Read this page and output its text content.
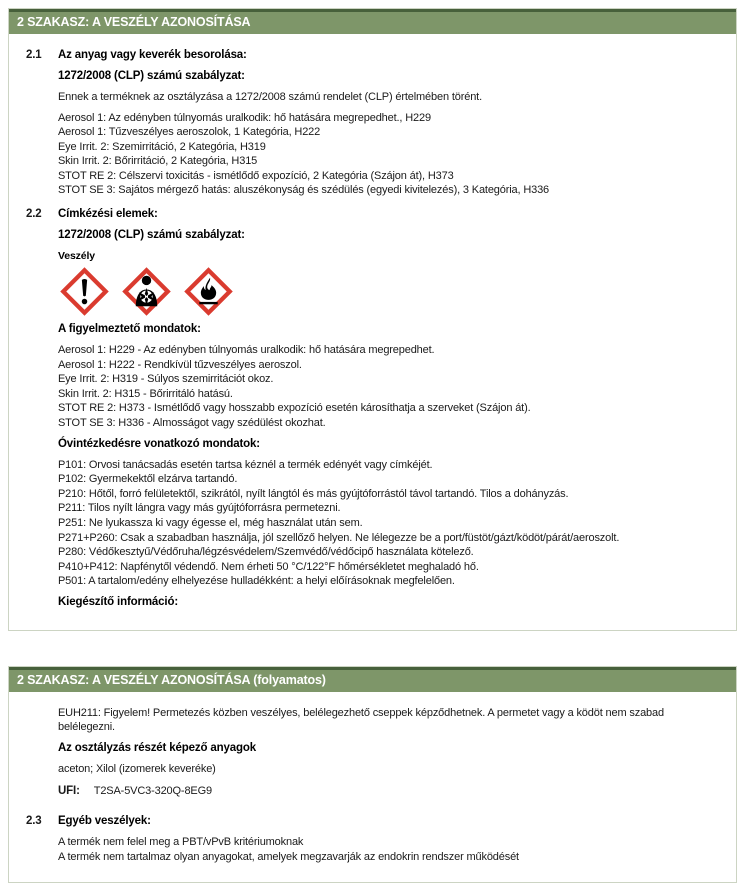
2 SZAKASZ: A VESZÉLY AZONOSÍTÁSA
2.1	Az anyag vagy keverék besorolása:

1272/2008 (CLP) számú szabályzat:

Ennek a terméknek az osztályzása a 1272/2008 számú rendelet (CLP) értelmében törént.

Aerosol 1: Az edényben túlnyomás uralkodik: hő hatására megrepedhet., H229

Aerosol 1: Tűzveszélyes aeroszolok, 1 Kategória, H222

Eye Irrit. 2: Szemirritáció, 2 Kategória, H319

Skin Irrit. 2: Bőrirritáció, 2 Kategória, H315

STOT RE 2: Célszervi toxicitás - ismétlődő expozíció, 2 Kategória (Szájon át), H373

STOT SE 3: Sajátos mérgező hatás: aluszékonyság és szédülés (egyedi kivitelezés), 3 Kategória, H336

2.2	Címkézési elemek:

1272/2008 (CLP) számú szabályzat:

Veszély

A figyelmeztető mondatok:

Aerosol 1: H229 - Az edényben túlnyomás uralkodik: hő hatására megrepedhet.

Aerosol 1: H222 - Rendkívül tűzveszélyes aeroszol.

Eye Irrit. 2: H319 - Súlyos szemirritációt okoz.

Skin Irrit. 2: H315 - Bőrirritáló hatású.

STOT RE 2: H373 - Ismétlődő vagy hosszabb expozíció esetén károsíthatja a szerveket (Szájon át).

STOT SE 3: H336 - Almosságot vagy szédülést okozhat.

Óvintézkedésre vonatkozó mondatok:

P101: Orvosi tanácsadás esetén tartsa kéznél a termék edényét vagy címkéjét.

P102: Gyermekektől elzárva tartandó.

P210: Hőtől, forró felületektől, szikrától, nyílt lángtól és más gyújtóforrástól távol tartandó. Tilos a dohányzás.

P211: Tilos nyílt lángra vagy más gyújtóforrásra permetezni.

P251: Ne lyukassza ki vagy égesse el, még használat után sem.

P271+P260: Csak a szabadban használja, jól szellőző helyen. Ne lélegezze be a port/füstöt/gázt/ködöt/párát/aeroszolt.

P280: Védőkesztyű/Védőruha/légzésvédelem/Szemvédő/védőcipő használata kötelező.

P410+P412: Napfénytől védendő. Nem érheti 50 °C/122°F hőmérsékletet meghaladó hő.

P501: A tartalom/edény elhelyezése hulladékként: a helyi előírásoknak megfelelően.

Kiegészítő információ:

2 SZAKASZ: A VESZÉLY AZONOSÍTÁSA (folyamatos)

EUH211: Figyelem! Permetezés közben veszélyes, belélegezhető cseppek képződhetnek. A permetet vagy a ködöt nem szabad belélegezni.

Az osztályzás részét képező anyagok

aceton; Xilol (izomerek keveréke)

UFI: T2SA-5VC3-320Q-8EG9

2.3	Egyéb veszélyek:

A termék nem felel meg a PBT/vPvB kritériumoknak

A termék nem tartalmaz olyan anyagokat, amelyek megzavarják az endokrin rendszer működését
